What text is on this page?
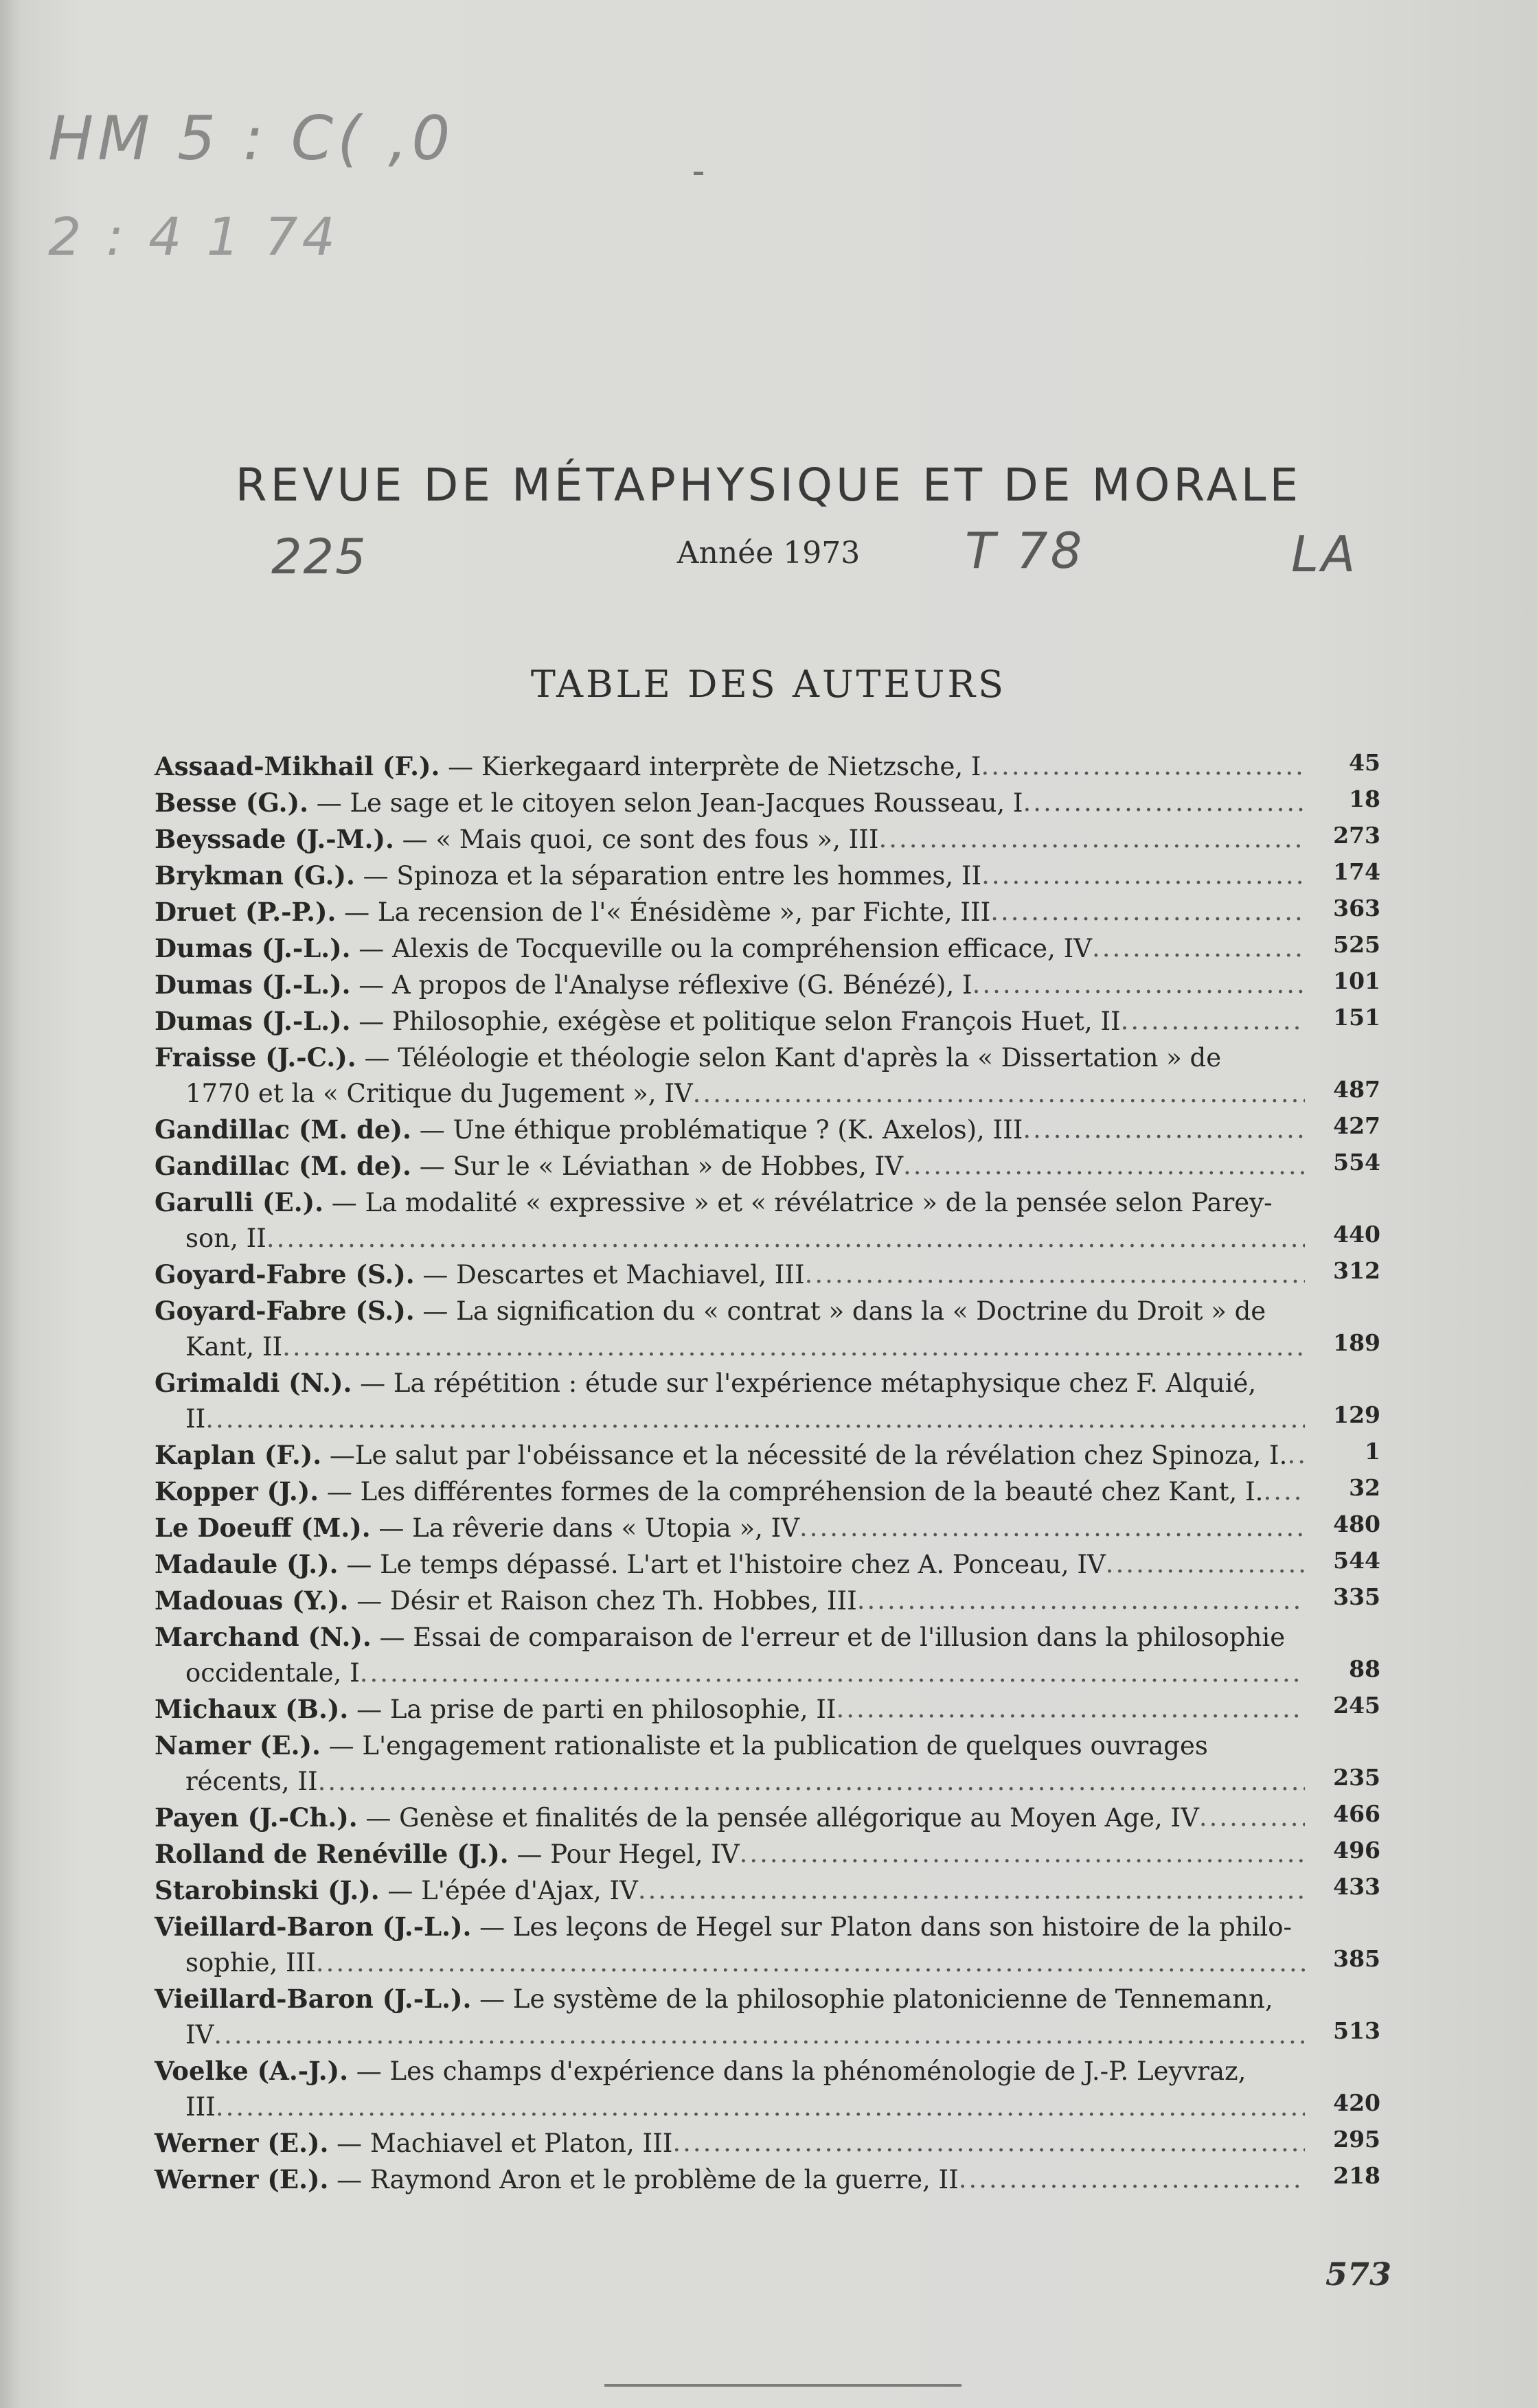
HM 5 : C( ,0
2 : 4 1 74
REVUE DE MÉTAPHYSIQUE ET DE MORALE
225	Année 1973	T 78	LA
TABLE DES AUTEURS
Assaad-Mikhail (F.). — Kierkegaard interprète de Nietzsche, I .....	45
Besse (G.). — Le sage et le citoyen selon Jean-Jacques Rousseau, I .....	18
Beyssade (J.-M.). — « Mais quoi, ce sont des fous », III .....	273
Brykman (G.). — Spinoza et la séparation entre les hommes, II .....	174
Druet (P.-P.). — La recension de l'« Énésidème », par Fichte, III .....	363
Dumas (J.-L.). — Alexis de Tocqueville ou la compréhension efficace, IV .....	525
Dumas (J.-L.). — A propos de l'Analyse réflexive (G. Bénézé), I .....	101
Dumas (J.-L.). — Philosophie, exégèse et politique selon François Huet, II .....	151
Fraisse (J.-C.). — Téléologie et théologie selon Kant d'après la « Dissertation » de
1770 et la « Critique du Jugement », IV .....	487
Gandillac (M. de). — Une éthique problématique ? (K. Axelos), III .....	427
Gandillac (M. de). — Sur le « Léviathan » de Hobbes, IV .....	554
Garulli (E.). — La modalité « expressive » et « révélatrice » de la pensée selon Parey-
son, II .....	440
Goyard-Fabre (S.). — Descartes et Machiavel, III .....	312
Goyard-Fabre (S.). — La signification du « contrat » dans la « Doctrine du Droit » de
Kant, II .....	189
Grimaldi (N.). — La répétition : étude sur l'expérience métaphysique chez F. Alquié,
II .....	129
Kaplan (F.). —Le salut par l'obéissance et la nécessité de la révélation chez Spinoza, I. .....	1
Kopper (J.). — Les différentes formes de la compréhension de la beauté chez Kant, I. .....	32
Le Doeuff (M.). — La rêverie dans « Utopia », IV .....	480
Madaule (J.). — Le temps dépassé. L'art et l'histoire chez A. Ponceau, IV .....	544
Madouas (Y.). — Désir et Raison chez Th. Hobbes, III .....	335
Marchand (N.). — Essai de comparaison de l'erreur et de l'illusion dans la philosophie
occidentale, I .....	88
Michaux (B.). — La prise de parti en philosophie, II .....	245
Namer (E.). — L'engagement rationaliste et la publication de quelques ouvrages
récents, II .....	235
Payen (J.-Ch.). — Genèse et finalités de la pensée allégorique au Moyen Age, IV .....	466
Rolland de Renéville (J.). — Pour Hegel, IV .....	496
Starobinski (J.). — L'épée d'Ajax, IV .....	433
Vieillard-Baron (J.-L.). — Les leçons de Hegel sur Platon dans son histoire de la philo-
sophie, III .....	385
Vieillard-Baron (J.-L.). — Le système de la philosophie platonicienne de Tennemann,
IV .....	513
Voelke (A.-J.). — Les champs d'expérience dans la phénoménologie de J.-P. Leyvraz,
III .....	420
Werner (E.). — Machiavel et Platon, III .....	295
Werner (E.). — Raymond Aron et le problème de la guerre, II .....	218
573
